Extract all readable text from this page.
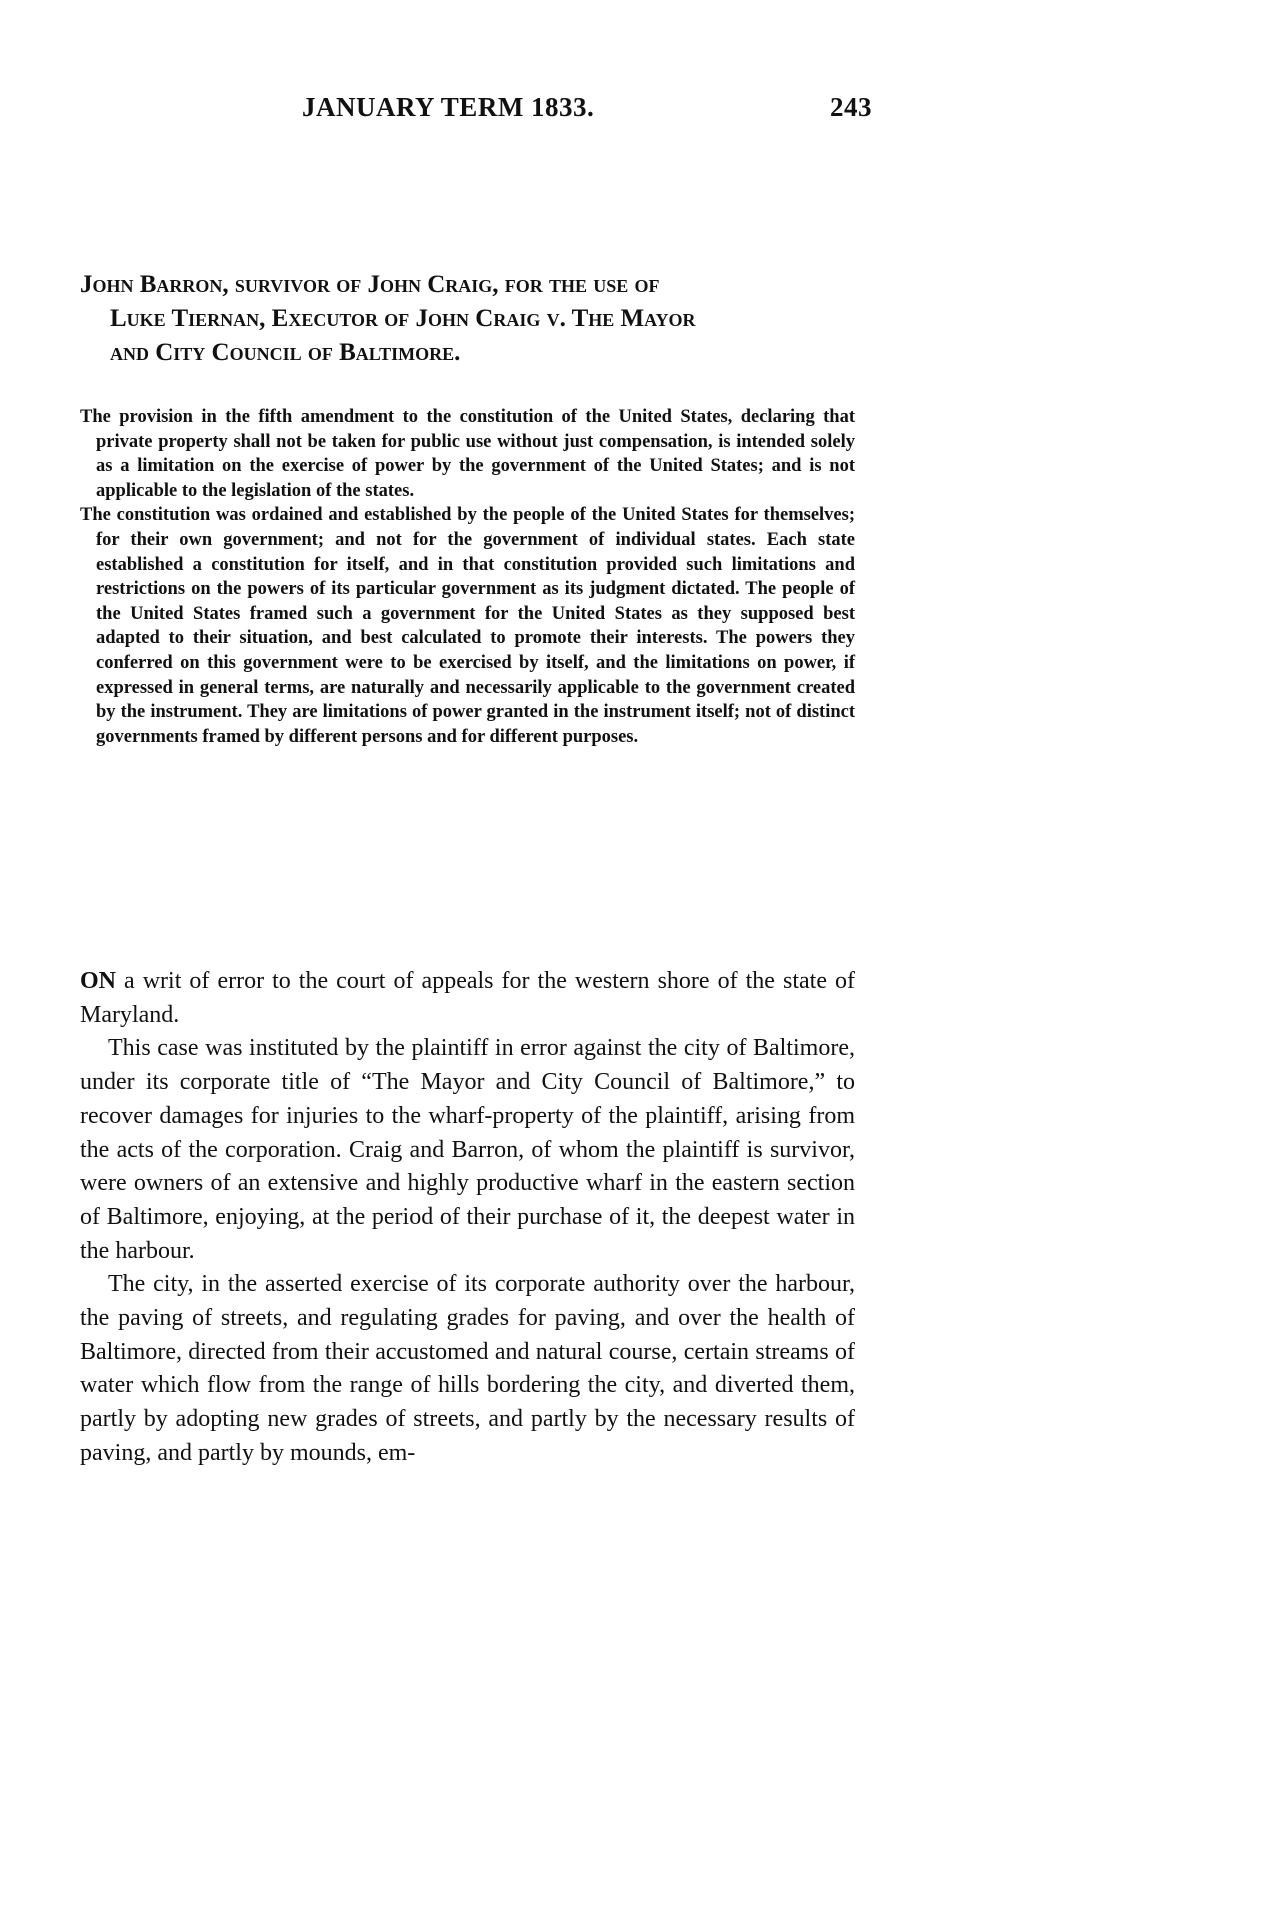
JANUARY TERM 1833.	243
John Barron, survivor of John Craig, for the use of
Luke Tiernan, Executor of John Craig v. The Mayor
and City Council of Baltimore.

The provision in the fifth amendment to the constitution of the United States, declaring that private property shall not be taken for public use without just compensation, is intended solely as a limitation on the exercise of power by the government of the United States; and is not applicable to the legislation of the states.

The constitution was ordained and established by the people of the United States for themselves; for their own government; and not for the government of individual states. Each state established a constitution for itself, and in that constitution provided such limitations and restrictions on the powers of its particular government as its judgment dictated. The people of the United States framed such a government for the United States as they supposed best adapted to their situation, and best calculated to promote their interests. The powers they conferred on this government were to be exercised by itself, and the limitations on power, if expressed in general terms, are naturally and necessarily applicable to the government created by the instrument. They are limitations of power granted in the instrument itself; not of distinct governments framed by different persons and for different purposes.

ON a writ of error to the court of appeals for the western shore of the state of Maryland.

This case was instituted by the plaintiff in error against the city of Baltimore, under its corporate title of “The Mayor and City Council of Baltimore,” to recover damages for injuries to the wharf-property of the plaintiff, arising from the acts of the corporation. Craig and Barron, of whom the plaintiff is survivor, were owners of an extensive and highly productive wharf in the eastern section of Baltimore, enjoying, at the period of their purchase of it, the deepest water in the harbour.

The city, in the asserted exercise of its corporate authority over the harbour, the paving of streets, and regulating grades for paving, and over the health of Baltimore, directed from their accustomed and natural course, certain streams of water which flow from the range of hills bordering the city, and diverted them, partly by adopting new grades of streets, and partly by the necessary results of paving, and partly by mounds, em-
